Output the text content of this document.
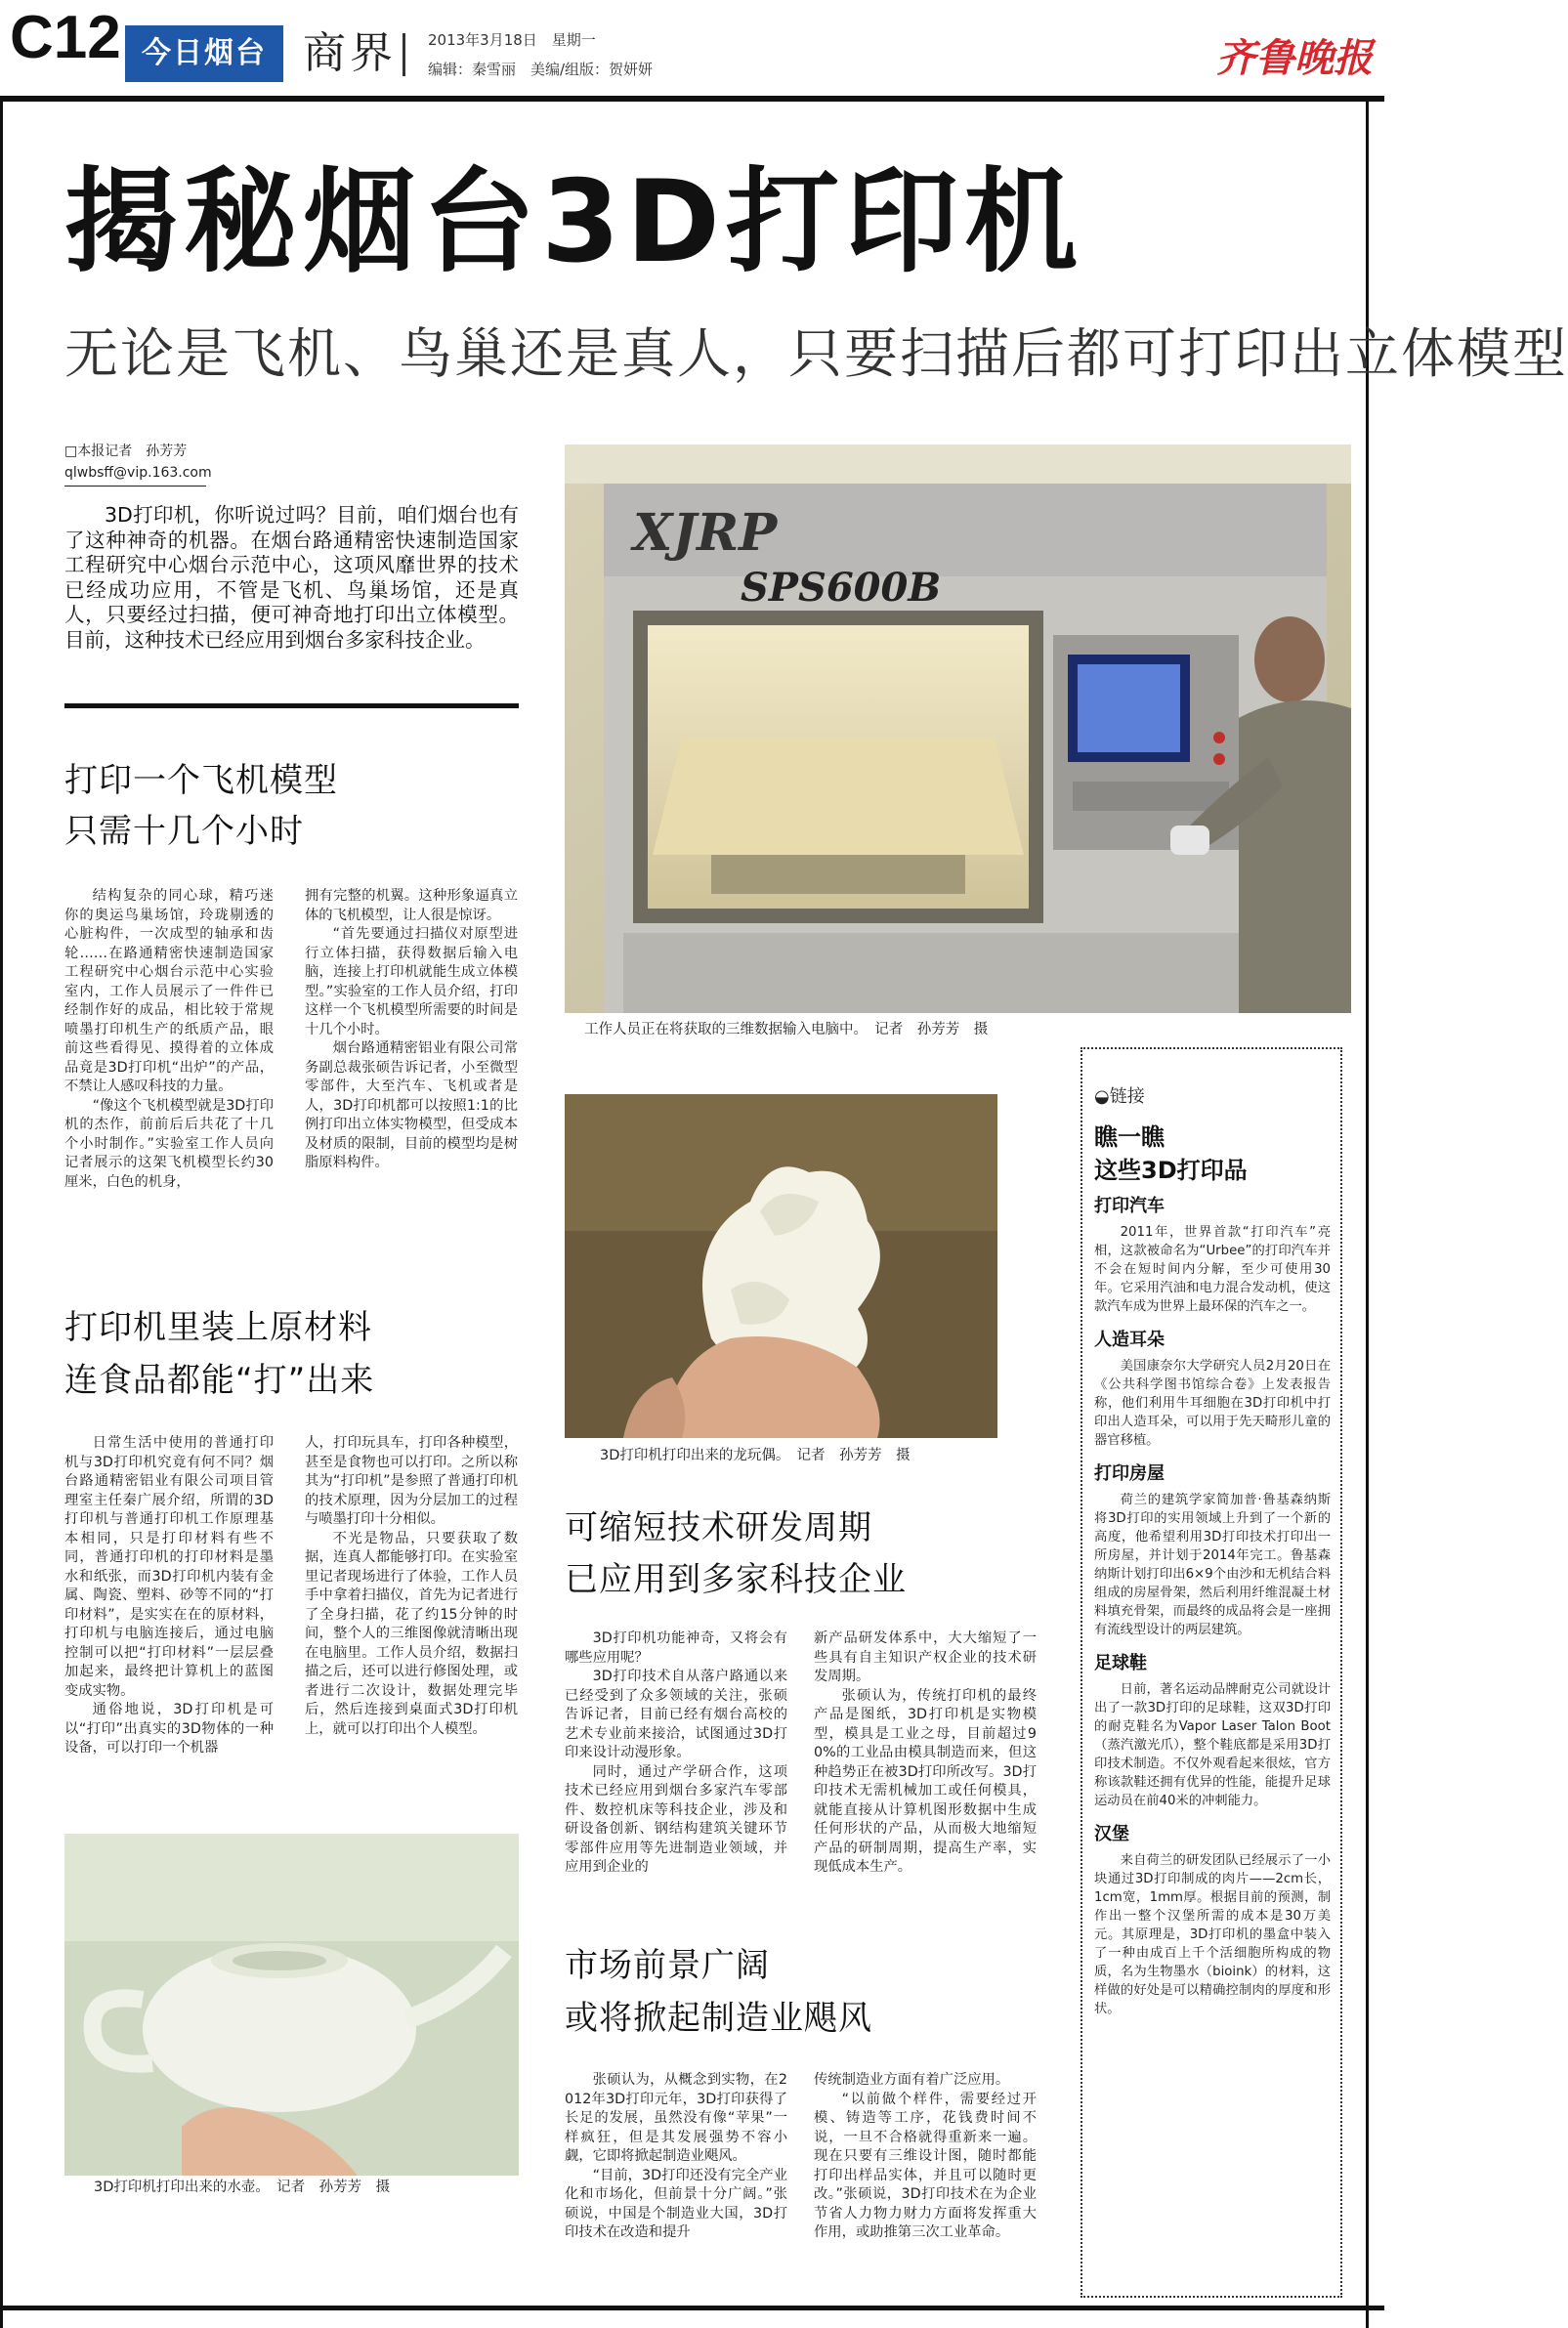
C12 今日烟台 商界 2013年3月18日　星期一
编辑：秦雪丽　美编/组版：贺妍妍	齐鲁晚报
揭秘烟台3D打印机
无论是飞机、鸟巢还是真人，只要扫描后都可打印出立体模型
□本报记者　孙芳芳
qlwbsff@vip.163.com
3D打印机，你听说过吗？目前，咱们烟台也有了这种神奇的机器。在烟台路通精密快速制造国家工程研究中心烟台示范中心，这项风靡世界的技术已经成功应用，不管是飞机、鸟巢场馆，还是真人，只要经过扫描，便可神奇地打印出立体模型。目前，这种技术已经应用到烟台多家科技企业。
打印一个飞机模型
只需十几个小时

结构复杂的同心球，精巧迷你的奥运鸟巢场馆，玲珑剔透的心脏构件，一次成型的轴承和齿轮……在路通精密快速制造国家工程研究中心烟台示范中心实验室内，工作人员展示了一件件已经制作好的成品，相比较于常规喷墨打印机生产的纸质产品，眼前这些看得见、摸得着的立体成品竟是3D打印机“出炉”的产品，不禁让人感叹科技的力量。

“像这个飞机模型就是3D打印机的杰作，前前后后共花了十几个小时制作。”实验室工作人员向记者展示的这架飞机模型长约30厘米，白色的机身，

拥有完整的机翼。这种形象逼真立体的飞机模型，让人很是惊讶。

“首先要通过扫描仪对原型进行立体扫描，获得数据后输入电脑，连接上打印机就能生成立体模型。”实验室的工作人员介绍，打印这样一个飞机模型所需要的时间是十几个小时。

烟台路通精密铝业有限公司常务副总裁张硕告诉记者，小至微型零部件，大至汽车、飞机或者是人，3D打印机都可以按照1:1的比例打印出立体实物模型，但受成本及材质的限制，目前的模型均是树脂原料构件。

打印机里装上原材料
连食品都能“打”出来

日常生活中使用的普通打印机与3D打印机究竟有何不同？烟台路通精密铝业有限公司项目管理室主任秦广展介绍，所谓的3D打印机与普通打印机工作原理基本相同，只是打印材料有些不同，普通打印机的打印材料是墨水和纸张，而3D打印机内装有金属、陶瓷、塑料、砂等不同的“打印材料”，是实实在在的原材料，打印机与电脑连接后，通过电脑控制可以把“打印材料”一层层叠加起来，最终把计算机上的蓝图变成实物。

通俗地说，3D打印机是可以“打印”出真实的3D物体的一种设备，可以打印一个机器

人，打印玩具车，打印各种模型，甚至是食物也可以打印。之所以称其为“打印机”是参照了普通打印机的技术原理，因为分层加工的过程与喷墨打印十分相似。

不光是物品，只要获取了数据，连真人都能够打印。在实验室里记者现场进行了体验，工作人员手中拿着扫描仪，首先为记者进行了全身扫描，花了约15分钟的时间，整个人的三维图像就清晰出现在电脑里。工作人员介绍，数据扫描之后，还可以进行修图处理，或者进行二次设计，数据处理完毕后，然后连接到桌面式3D打印机上，就可以打印出个人模型。

XJRP
SPS600B
工作人员正在将获取的三维数据输入电脑中。　记者　孙芳芳　摄
3D打印机打印出来的龙玩偶。　记者　孙芳芳　摄
可缩短技术研发周期
已应用到多家科技企业

3D打印机功能神奇，又将会有哪些应用呢？

3D打印技术自从落户路通以来已经受到了众多领域的关注，张硕告诉记者，目前已经有烟台高校的艺术专业前来接洽，试图通过3D打印来设计动漫形象。

同时，通过产学研合作，这项技术已经应用到烟台多家汽车零部件、数控机床等科技企业，涉及和研设备创新、钢结构建筑关键环节零部件应用等先进制造业领域，并应用到企业的

新产品研发体系中，大大缩短了一些具有自主知识产权企业的技术研发周期。

张硕认为，传统打印机的最终产品是图纸，3D打印机是实物模型，模具是工业之母，目前超过90%的工业品由模具制造而来，但这种趋势正在被3D打印所改写。3D打印技术无需机械加工或任何模具，就能直接从计算机图形数据中生成任何形状的产品，从而极大地缩短产品的研制周期，提高生产率，实现低成本生产。

3D打印机打印出来的水壶。　记者　孙芳芳　摄
市场前景广阔
或将掀起制造业飓风

张硕认为，从概念到实物，在2012年3D打印元年，3D打印获得了长足的发展，虽然没有像“苹果”一样疯狂，但是其发展强势不容小觑，它即将掀起制造业飓风。

“目前，3D打印还没有完全产业化和市场化，但前景十分广阔。”张硕说，中国是个制造业大国，3D打印技术在改造和提升

传统制造业方面有着广泛应用。

“以前做个样件，需要经过开模、铸造等工序，花钱费时间不说，一旦不合格就得重新来一遍。现在只要有三维设计图，随时都能打印出样品实体，并且可以随时更改。”张硕说，3D打印技术在为企业节省人力物力财力方面将发挥重大作用，或助推第三次工业革命。

◒链接
瞧一瞧
这些3D打印品
打印汽车

2011年，世界首款“打印汽车”亮相，这款被命名为“Urbee”的打印汽车并不会在短时间内分解，至少可使用30年。它采用汽油和电力混合发动机，使这款汽车成为世界上最环保的汽车之一。

人造耳朵

美国康奈尔大学研究人员2月20日在《公共科学图书馆综合卷》上发表报告称，他们利用牛耳细胞在3D打印机中打印出人造耳朵，可以用于先天畸形儿童的器官移植。

打印房屋

荷兰的建筑学家简加普·鲁基森纳斯将3D打印的实用领域上升到了一个新的高度，他希望利用3D打印技术打印出一所房屋，并计划于2014年完工。鲁基森纳斯计划打印出6×9个由沙和无机结合料组成的房屋骨架，然后利用纤维混凝土材料填充骨架，而最终的成品将会是一座拥有流线型设计的两层建筑。

足球鞋

日前，著名运动品牌耐克公司就设计出了一款3D打印的足球鞋，这双3D打印的耐克鞋名为Vapor Laser Talon Boot（蒸汽激光爪），整个鞋底都是采用3D打印技术制造。不仅外观看起来很炫，官方称该款鞋还拥有优异的性能，能提升足球运动员在前40米的冲刺能力。

汉堡

来自荷兰的研发团队已经展示了一小块通过3D打印制成的肉片——2cm长，1cm宽，1mm厚。根据目前的预测，制作出一整个汉堡所需的成本是30万美元。其原理是，3D打印机的墨盒中装入了一种由成百上千个活细胞所构成的物质，名为生物墨水（bioink）的材料，这样做的好处是可以精确控制肉的厚度和形状。
